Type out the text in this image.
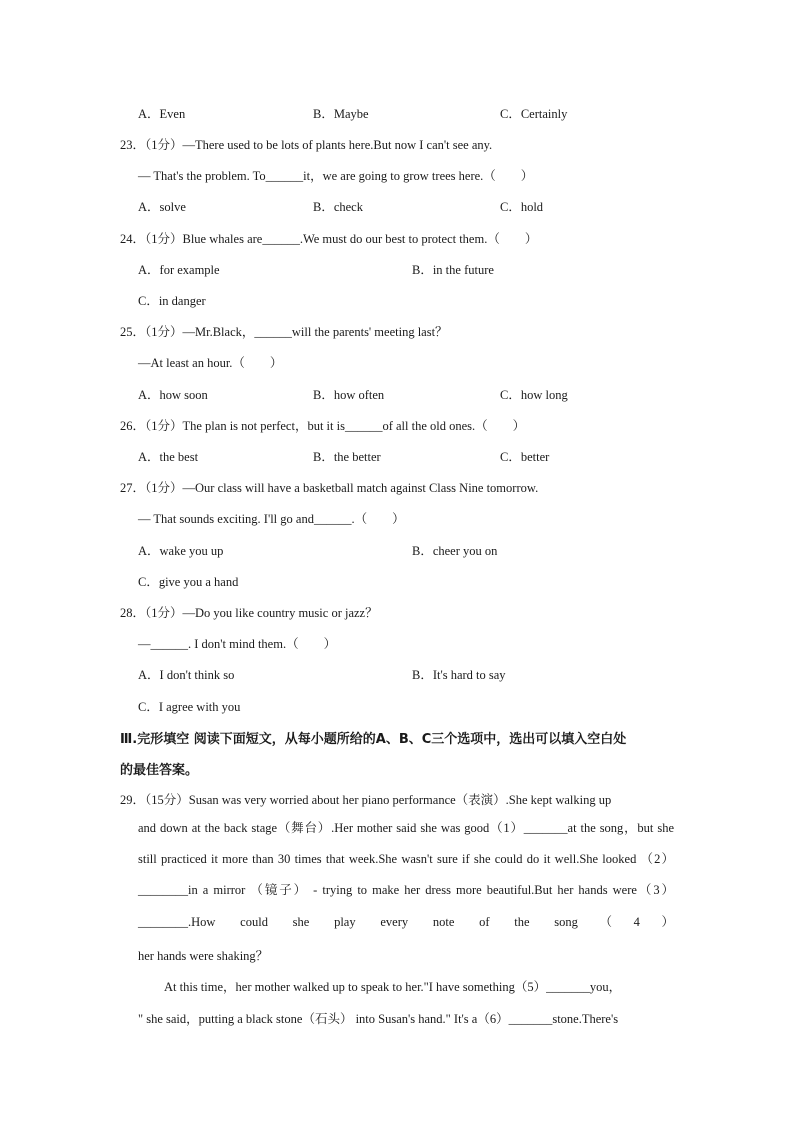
A．Even	B．Maybe	C．Certainly
23．（1分）—There used to be lots of plants here.But now I can't see any.
— That's the problem. To______it，we are going to grow trees here.（　　）
A．solve	B．check	C．hold
24．（1分）Blue whales are______.We must do our best to protect them.（　　）
A．for example	B．in the future
C．in danger
25．（1分）—Mr.Black，______will the parents' meeting last？
—At least an hour.（　　）
A．how soon	B．how often	C．how long
26．（1分）The plan is not perfect，but it is______of all the old ones.（　　）
A．the best	B．the better	C．better
27．（1分）—Our class will have a basketball match against Class Nine tomorrow.
— That sounds exciting. I'll go and______.（　　）
A．wake you up	B．cheer you on
C．give you a hand
28．（1分）—Do you like country music or jazz？
—______. I don't mind them.（　　）
A．I don't think so	B．It's hard to say
C．I agree with you
Ⅲ.完形填空 阅读下面短文，从每小题所给的A、B、C三个选项中，选出可以填入空白处
的最佳答案。
29．（15分）Susan was very worried about her piano performance（表演）.She kept walking up
and down at the back stage（舞台）.Her mother said she was good（1）_______at the song，but she still practiced it more than 30 times that week.She wasn't sure if she could do it well.She looked （2）________in a mirror （镜子） - trying to make her dress more beautiful.But her hands were（3）________.How could she play every note of the song（4）
her hands were shaking？
At this time，her mother walked up to speak to her."I have something（5）_______you，
" she said，putting a black stone（石头） into Susan's hand." It's a（6）_______stone.There's
